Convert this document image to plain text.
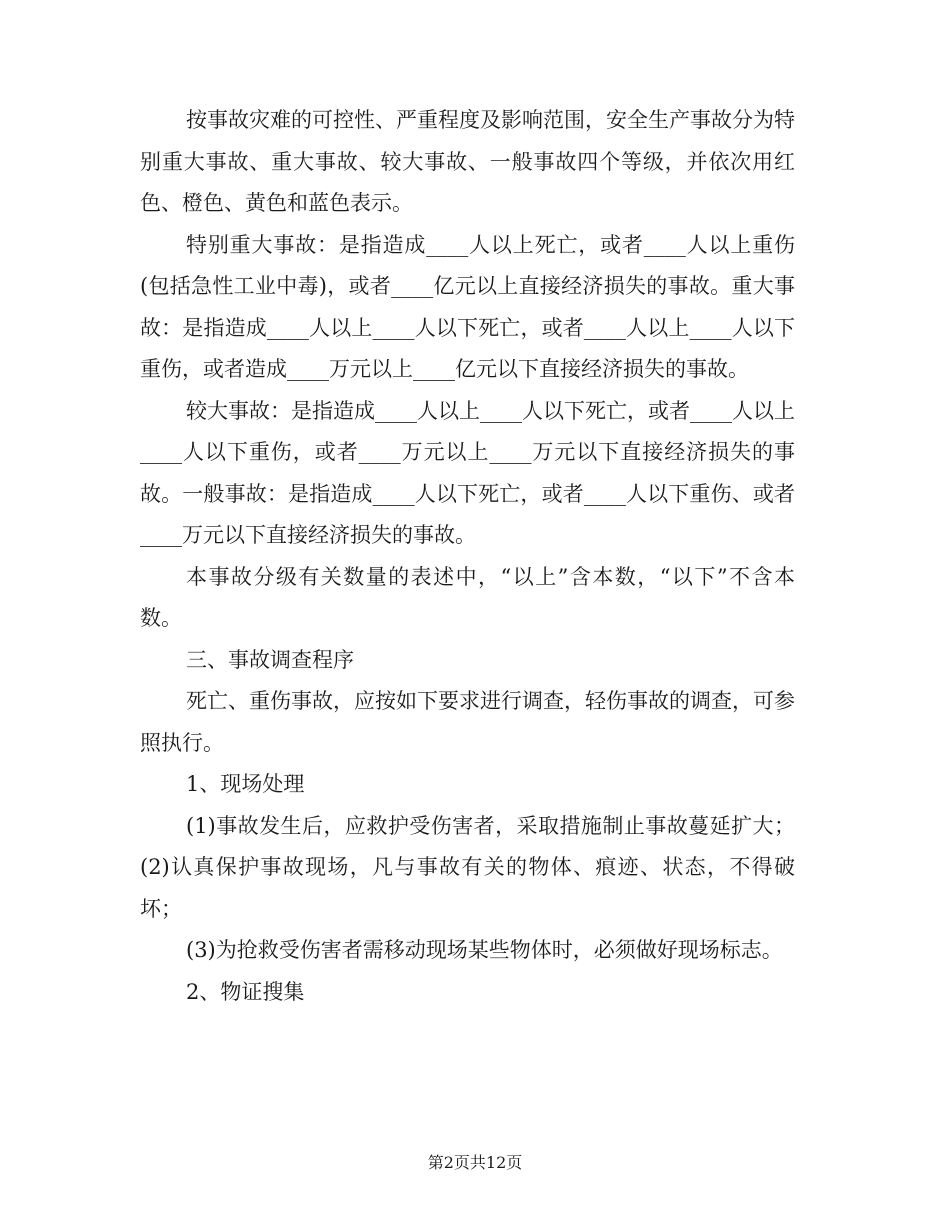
按事故灾难的可控性、严重程度及影响范围，安全生产事故分为特别重大事故、重大事故、较大事故、一般事故四个等级，并依次用红色、橙色、黄色和蓝色表示。

特别重大事故：是指造成____人以上死亡，或者____人以上重伤(包括急性工业中毒)，或者____亿元以上直接经济损失的事故。重大事故：是指造成____人以上____人以下死亡，或者____人以上____人以下重伤，或者造成____万元以上____亿元以下直接经济损失的事故。

较大事故：是指造成____人以上____人以下死亡，或者____人以上____人以下重伤，或者____万元以上____万元以下直接经济损失的事故。一般事故：是指造成____人以下死亡，或者____人以下重伤、或者____万元以下直接经济损失的事故。

本事故分级有关数量的表述中，“以上”含本数，“以下”不含本数。

三、事故调查程序

死亡、重伤事故，应按如下要求进行调查，轻伤事故的调查，可参照执行。

1、现场处理

(1)事故发生后，应救护受伤害者，采取措施制止事故蔓延扩大；(2)认真保护事故现场，凡与事故有关的物体、痕迹、状态，不得破坏；

(3)为抢救受伤害者需移动现场某些物体时，必须做好现场标志。

2、物证搜集

第2页共12页
